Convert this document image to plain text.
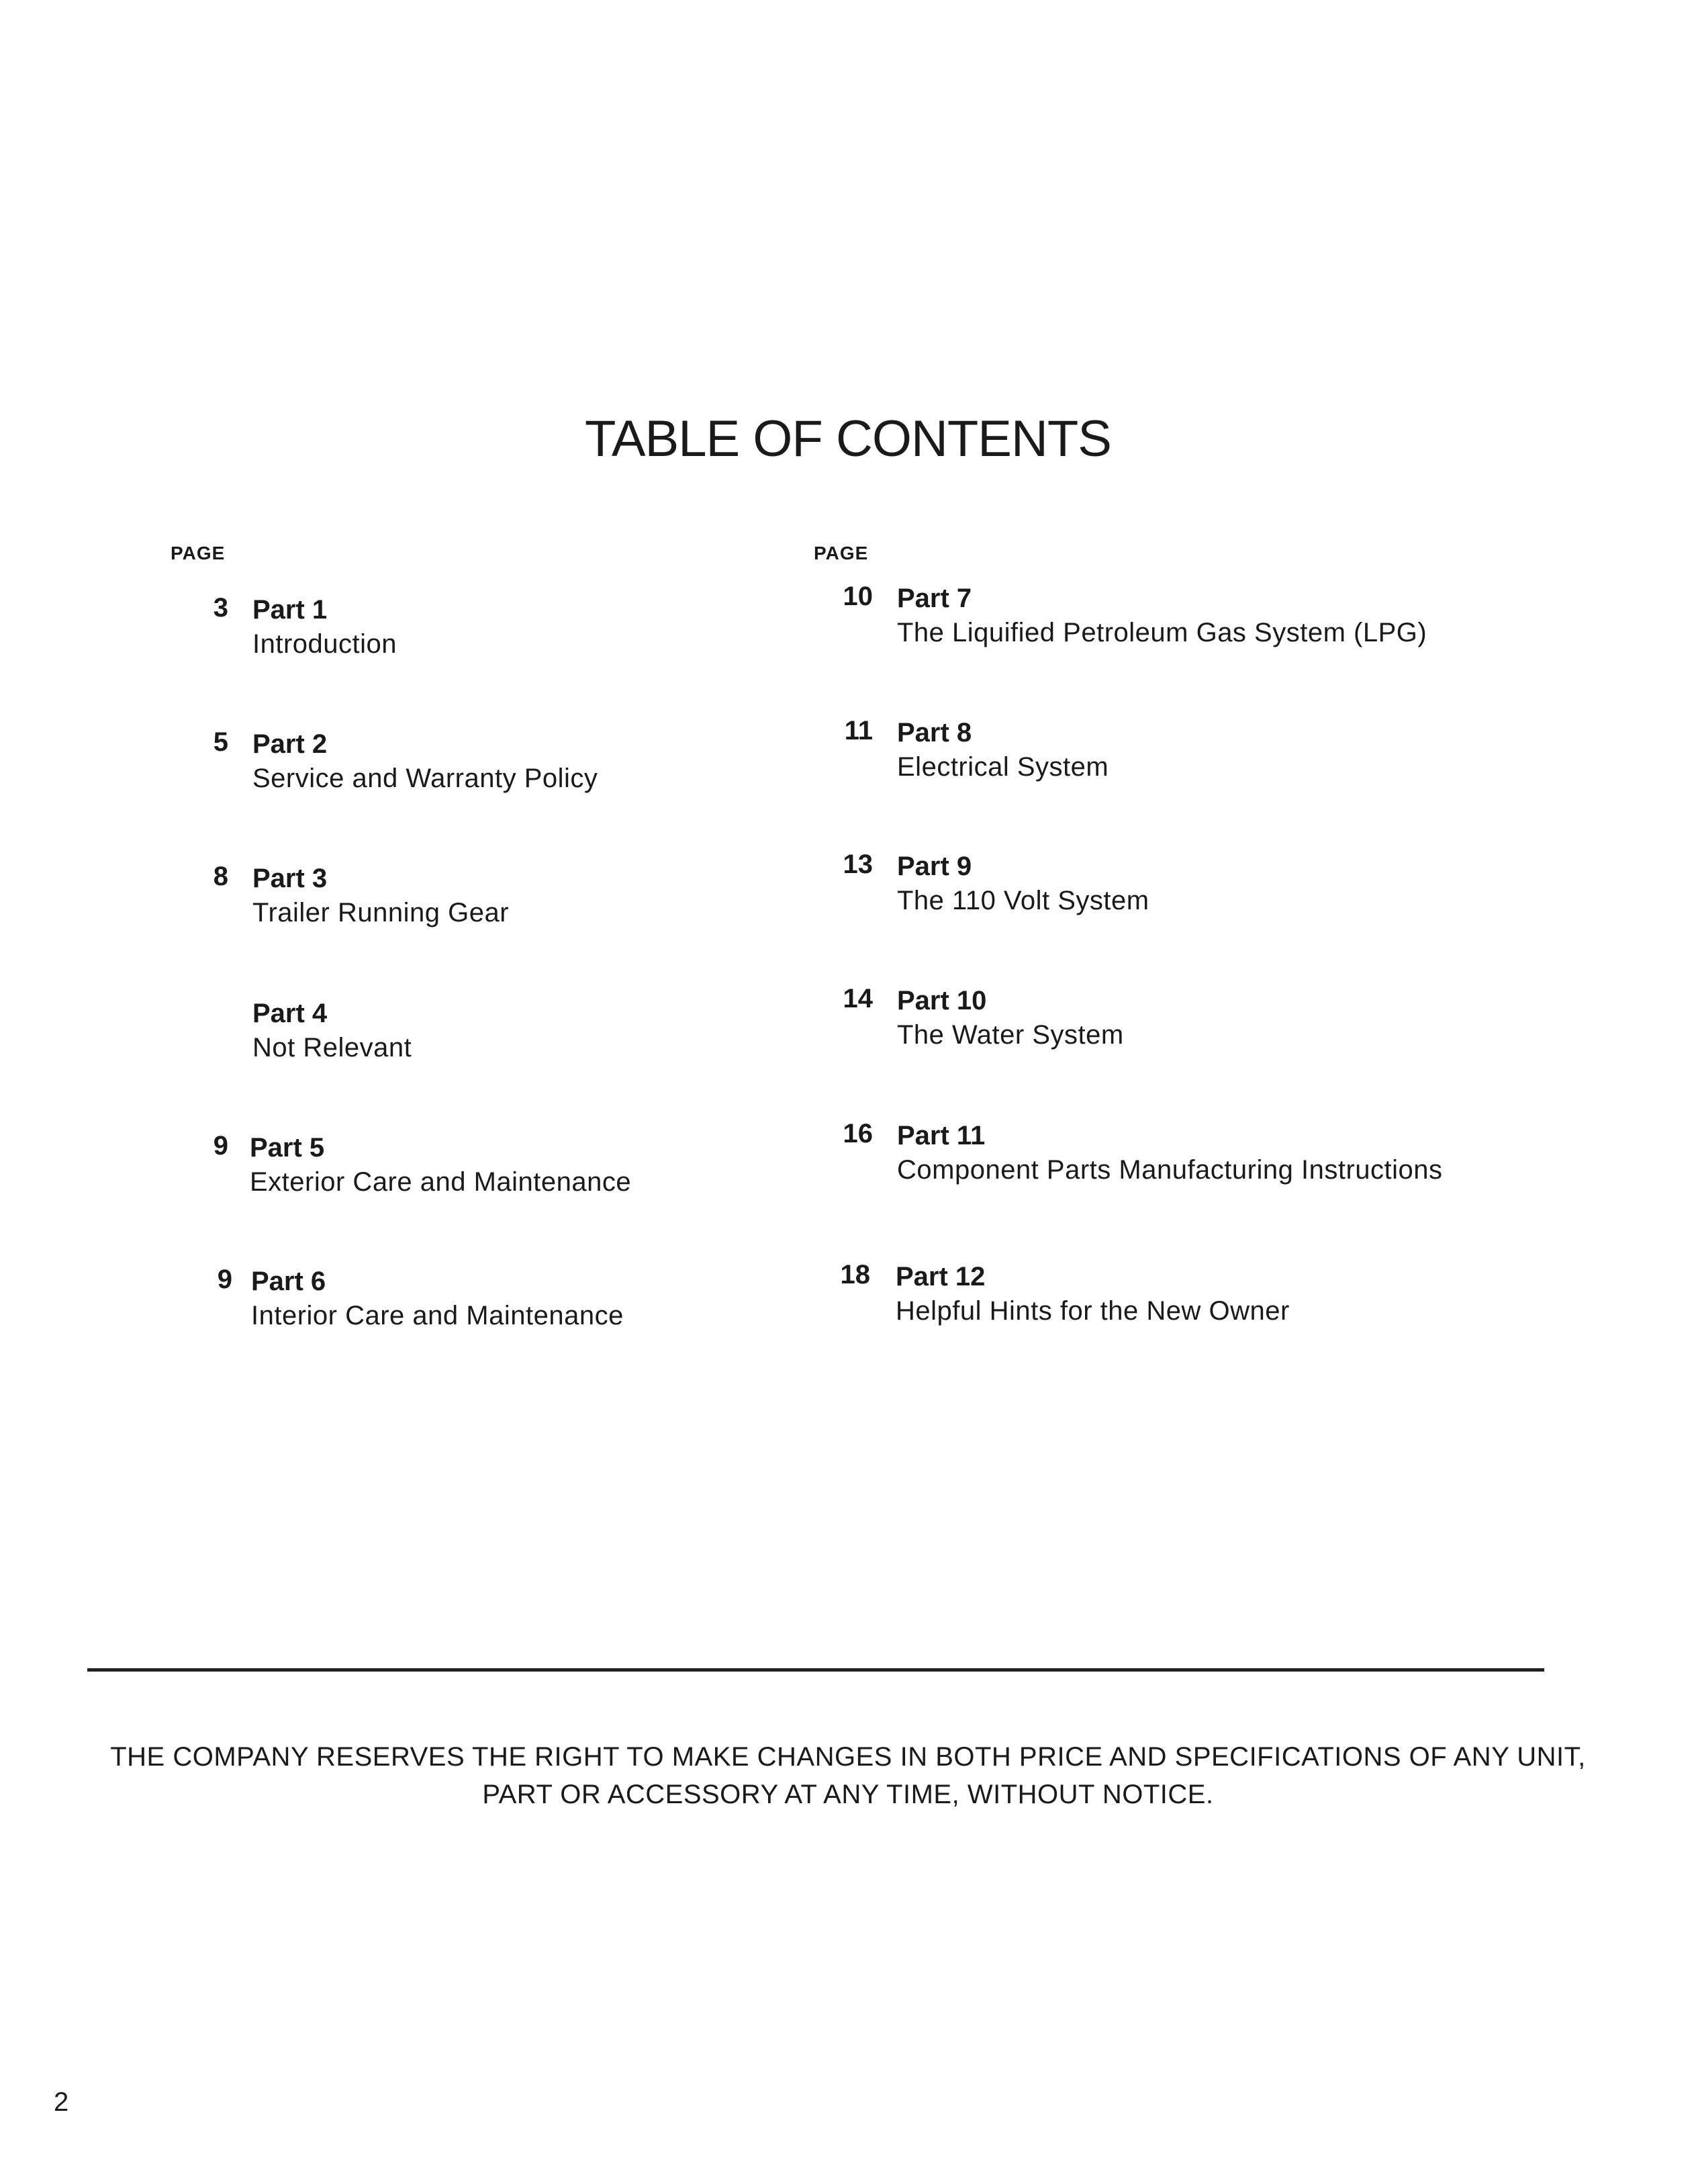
TABLE OF CONTENTS
PAGE	PAGE
3 Part 1
Introduction
5 Part 2
Service and Warranty Policy
8 Part 3
Trailer Running Gear
Part 4
Not Relevant
9 Part 5
Exterior Care and Maintenance
9 Part 6
Interior Care and Maintenance
10 Part 7
The Liquified Petroleum Gas System (LPG)
11 Part 8
Electrical System
13 Part 9
The 110 Volt System
14 Part 10
The Water System
16 Part 11
Component Parts Manufacturing Instructions
18 Part 12
Helpful Hints for the New Owner
THE COMPANY RESERVES THE RIGHT TO MAKE CHANGES IN BOTH PRICE AND SPECIFICATIONS OF ANY UNIT,
PART OR ACCESSORY AT ANY TIME, WITHOUT NOTICE.
2
